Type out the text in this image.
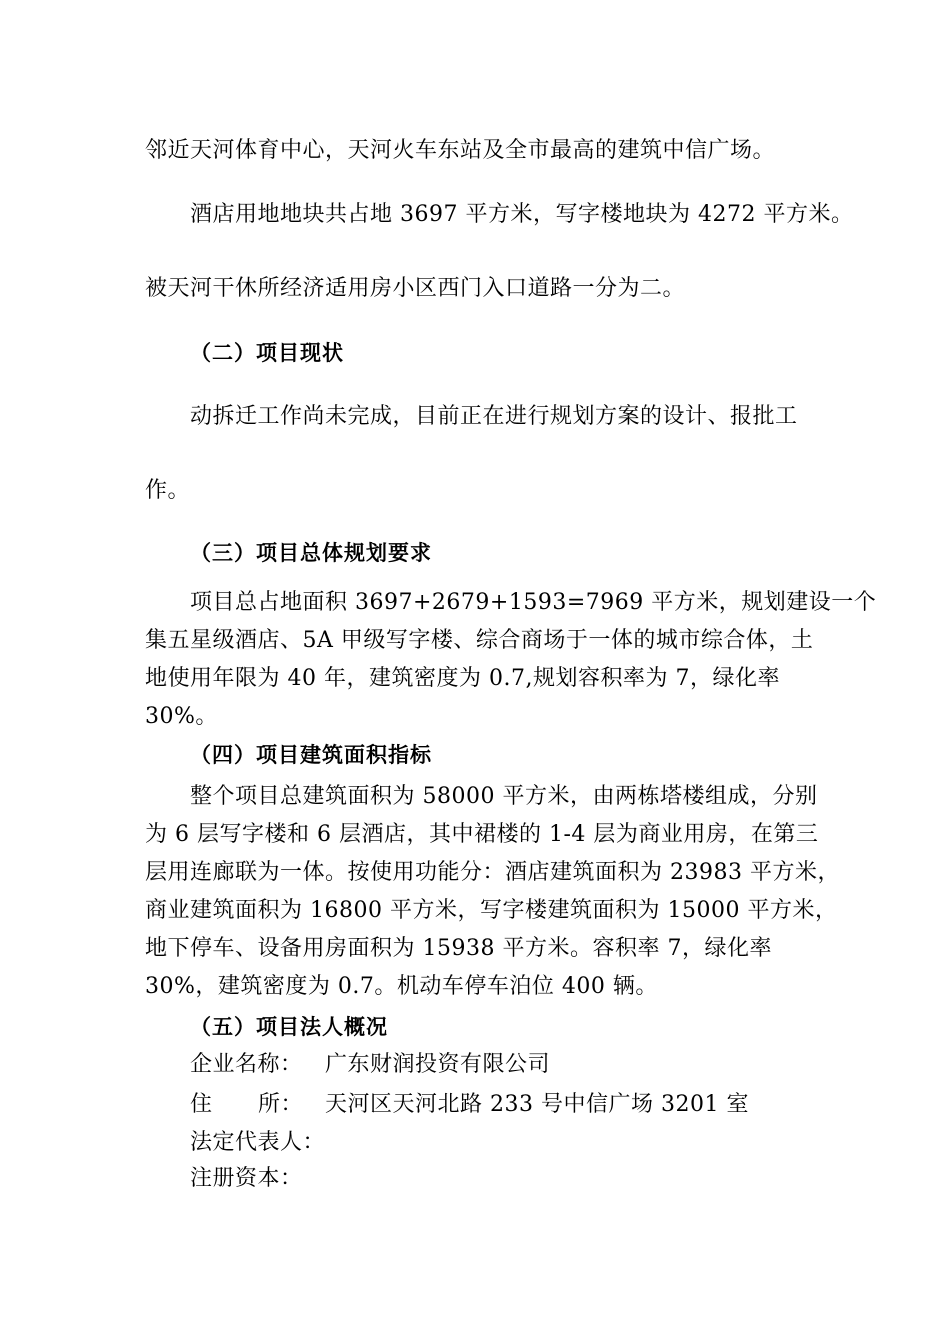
邻近天河体育中心，天河火车东站及全市最高的建筑中信广场。
酒店用地地块共占地 3697 平方米，写字楼地块为 4272 平方米。
被天河干休所经济适用房小区西门入口道路一分为二。
（二）项目现状
动拆迁工作尚未完成，目前正在进行规划方案的设计、报批工
作。
（三）项目总体规划要求
项目总占地面积 3697+2679+1593=7969 平方米，规划建设一个
集五星级酒店、5A 甲级写字楼、综合商场于一体的城市综合体，土
地使用年限为 40 年，建筑密度为 0.7,规划容积率为 7，绿化率
30%。
（四）项目建筑面积指标
整个项目总建筑面积为 58000 平方米，由两栋塔楼组成，分别
为 6 层写字楼和 6 层酒店，其中裙楼的 1-4 层为商业用房，在第三
层用连廊联为一体。按使用功能分：酒店建筑面积为 23983 平方米，
商业建筑面积为 16800 平方米，写字楼建筑面积为 15000 平方米，
地下停车、设备用房面积为 15938 平方米。容积率 7，绿化率
30%，建筑密度为 0.7。机动车停车泊位 400 辆。
（五）项目法人概况
企业名称： 广东财润投资有限公司
住 所： 天河区天河北路 233 号中信广场 3201 室
法定代表人：
注册资本：
